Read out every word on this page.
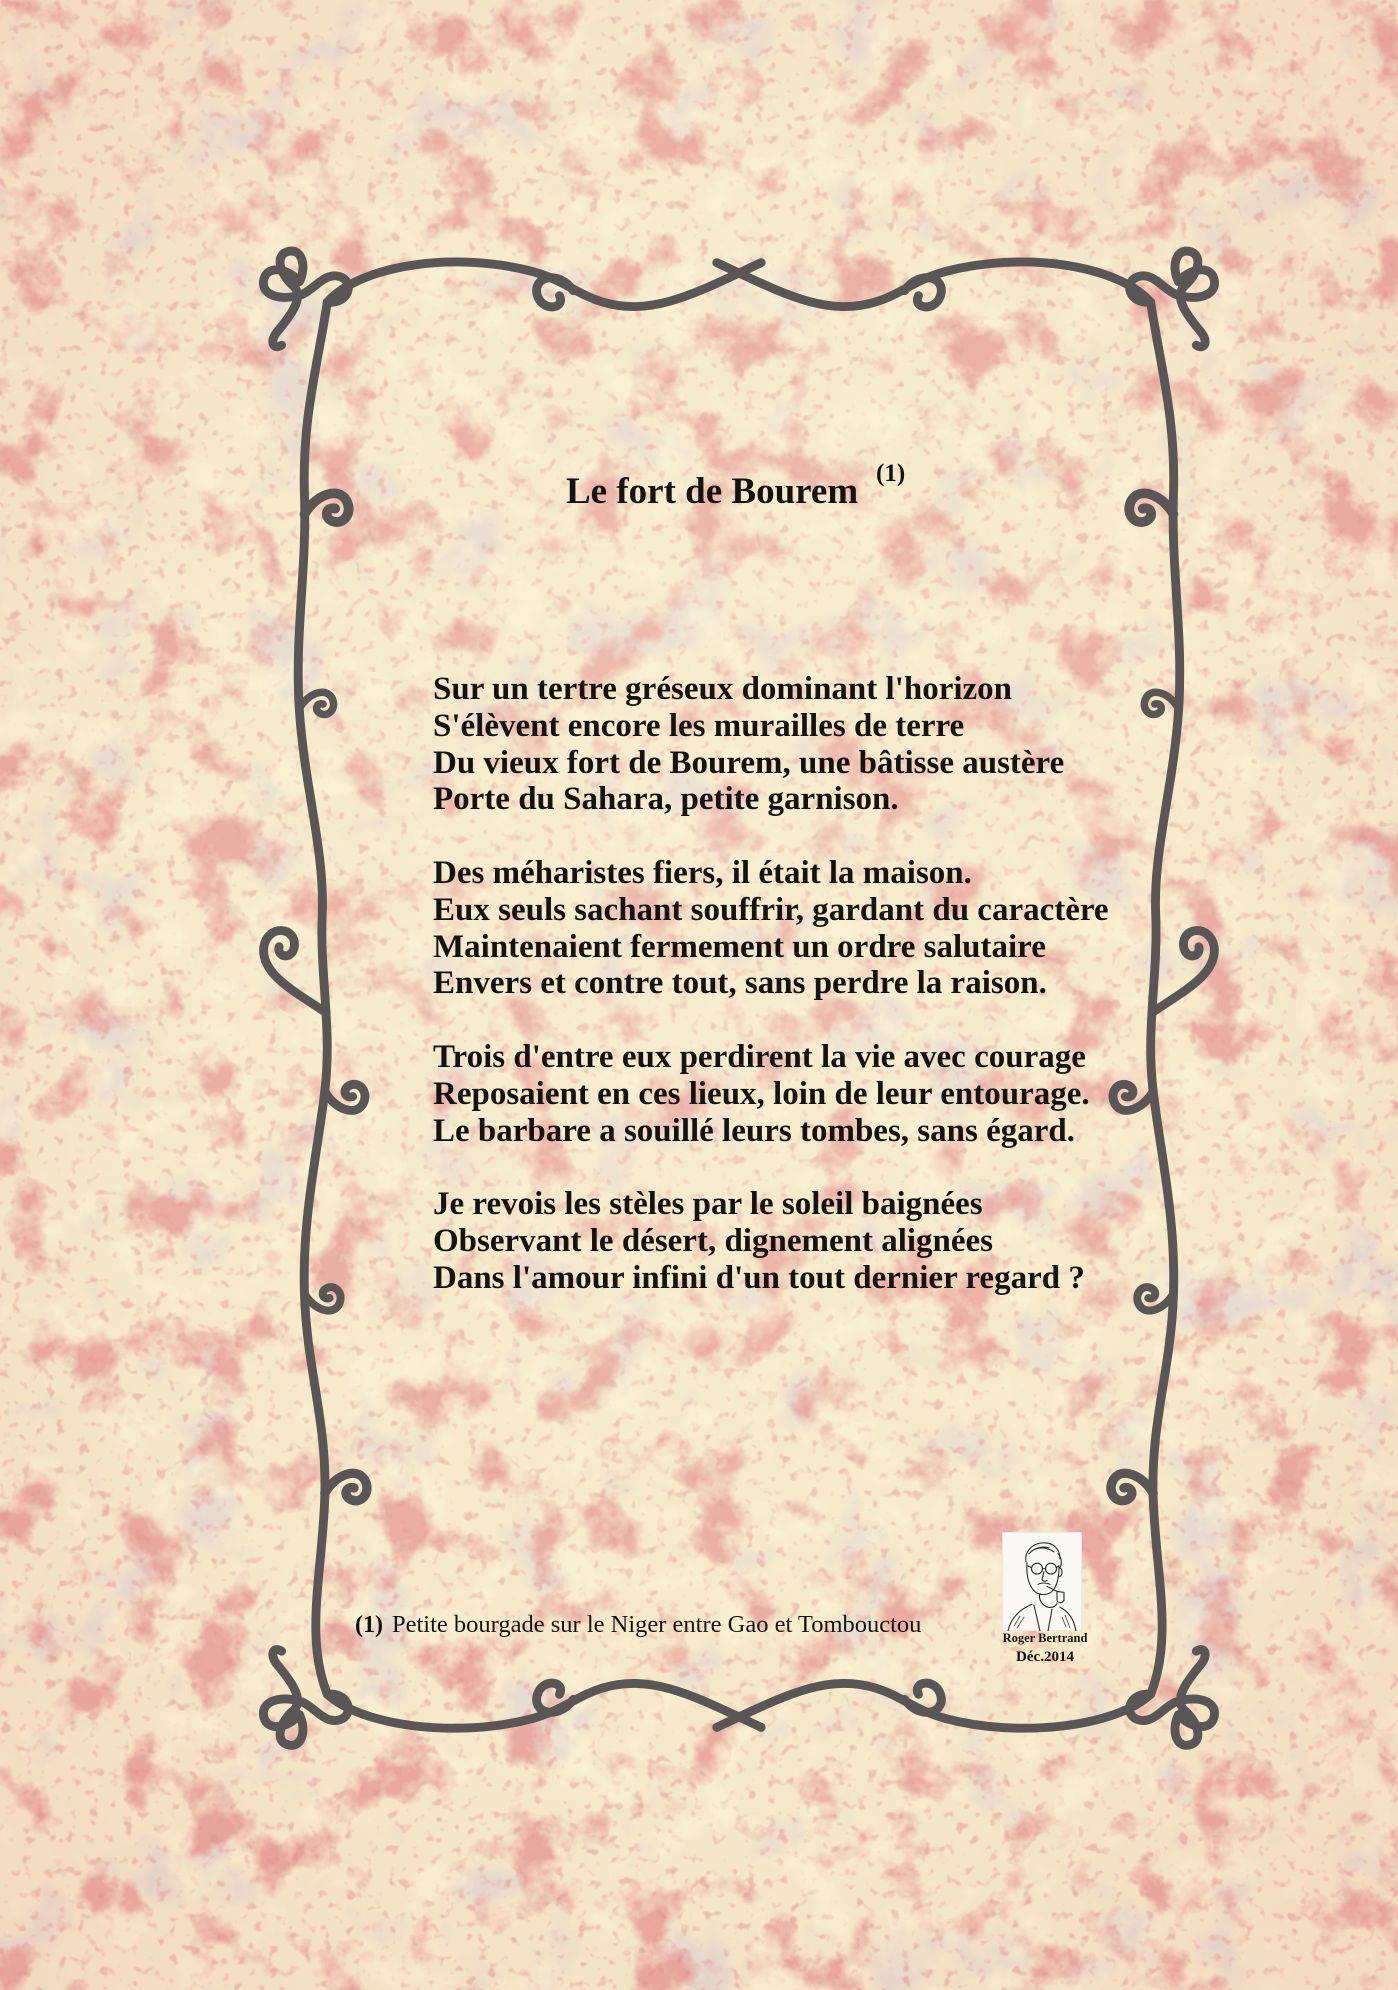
Le fort de Bourem (1)
Sur un tertre gréseux dominant l'horizon
S'élèvent encore les murailles de terre
Du vieux fort de Bourem, une bâtisse austère
Porte du Sahara, petite garnison.
Des méharistes fiers, il était la maison.
Eux seuls sachant souffrir, gardant du caractère
Maintenaient fermement un ordre salutaire
Envers et contre tout, sans perdre la raison.
Trois d'entre eux perdirent la vie avec courage
Reposaient en ces lieux, loin de leur entourage.
Le barbare a souillé leurs tombes, sans égard.
Je revois les stèles par le soleil baignées
Observant le désert, dignement alignées
Dans l'amour infini d'un tout dernier regard ?
(1) Petite bourgade sur le Niger entre Gao et Tombouctou	Roger Bertrand
Déc.2014
